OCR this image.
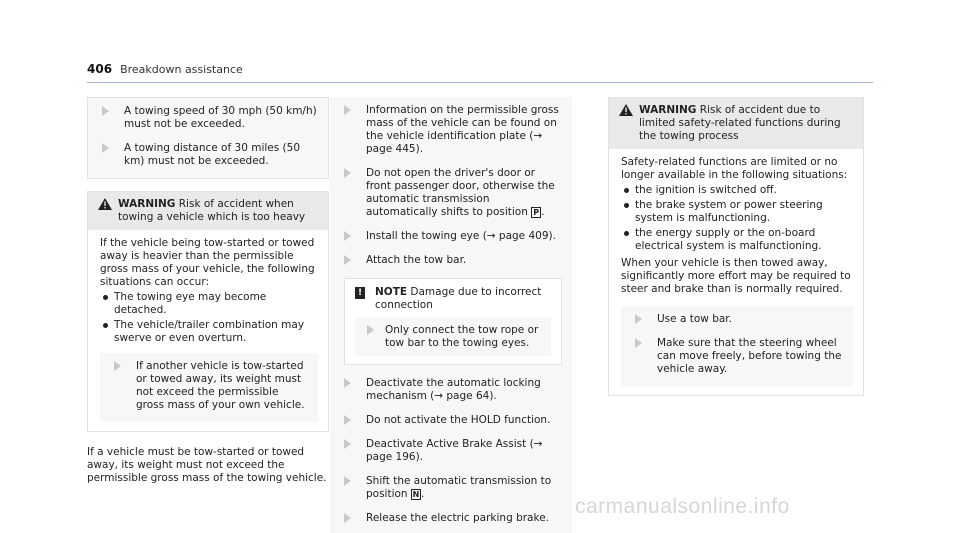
406 Breakdown assistance
A towing speed of 30 mph (50 km/h) must not be exceeded.
A towing distance of 30 miles (50 km) must not be exceeded.
WARNING Risk of accident when towing a vehicle which is too heavy
If the vehicle being tow-started or towed away is heavier than the permissible gross mass of your vehicle, the following situations can occur:
The towing eye may become detached.
The vehicle/trailer combination may swerve or even overturn.
If another vehicle is tow-started or towed away, its weight must not exceed the permissible gross mass of your own vehicle.
If a vehicle must be tow-started or towed away, its weight must not exceed the permissible gross mass of the towing vehicle.
Information on the permissible gross mass of the vehicle can be found on the vehicle identification plate (→ page 445).
Do not open the driver's door or front passenger door, otherwise the automatic transmission automatically shifts to position P .
Install the towing eye (→ page 409).
Attach the tow bar.
! NOTE Damage due to incorrect connection
Only connect the tow rope or tow bar to the towing eyes.
Deactivate the automatic locking mechanism (→ page 64).
Do not activate the HOLD function.
Deactivate Active Brake Assist (→ page 196).
Shift the automatic transmission to position N .
Release the electric parking brake.
WARNING Risk of accident due to limited safety-related functions during the towing process
Safety-related functions are limited or no longer available in the following situations:
the ignition is switched off.
the brake system or power steering system is malfunctioning.
the energy supply or the on-board electrical system is malfunctioning.
When your vehicle is then towed away, significantly more effort may be required to steer and brake than is normally required.
Use a tow bar.
Make sure that the steering wheel can move freely, before towing the vehicle away.
carmanualsonline.info
